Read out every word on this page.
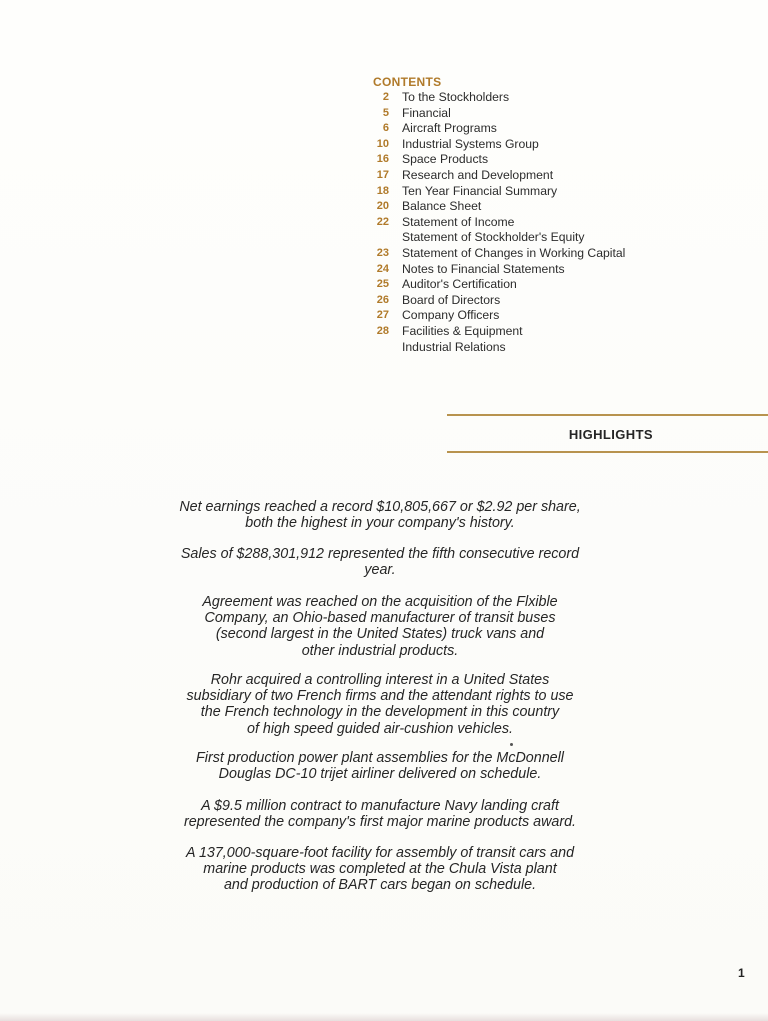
CONTENTS
2	To the Stockholders
5	Financial
6	Aircraft Programs
10	Industrial Systems Group
16	Space Products
17	Research and Development
18	Ten Year Financial Summary
20	Balance Sheet
22	Statement of Income
Statement of Stockholder's Equity
23	Statement of Changes in Working Capital
24	Notes to Financial Statements
25	Auditor's Certification
26	Board of Directors
27	Company Officers
28	Facilities & Equipment
Industrial Relations
HIGHLIGHTS

Net earnings reached a record $10,805,667 or $2.92 per share,
both the highest in your company's history.

Sales of $288,301,912 represented the fifth consecutive record
year.

Agreement was reached on the acquisition of the Flxible
Company, an Ohio-based manufacturer of transit buses
(second largest in the United States) truck vans and
other industrial products.

Rohr acquired a controlling interest in a United States
subsidiary of two French firms and the attendant rights to use
the French technology in the development in this country
of high speed guided air-cushion vehicles.

First production power plant assemblies for the McDonnell
Douglas DC-10 trijet airliner delivered on schedule.

A $9.5 million contract to manufacture Navy landing craft
represented the company's first major marine products award.

A 137,000-square-foot facility for assembly of transit cars and
marine products was completed at the Chula Vista plant
and production of BART cars began on schedule.

1
